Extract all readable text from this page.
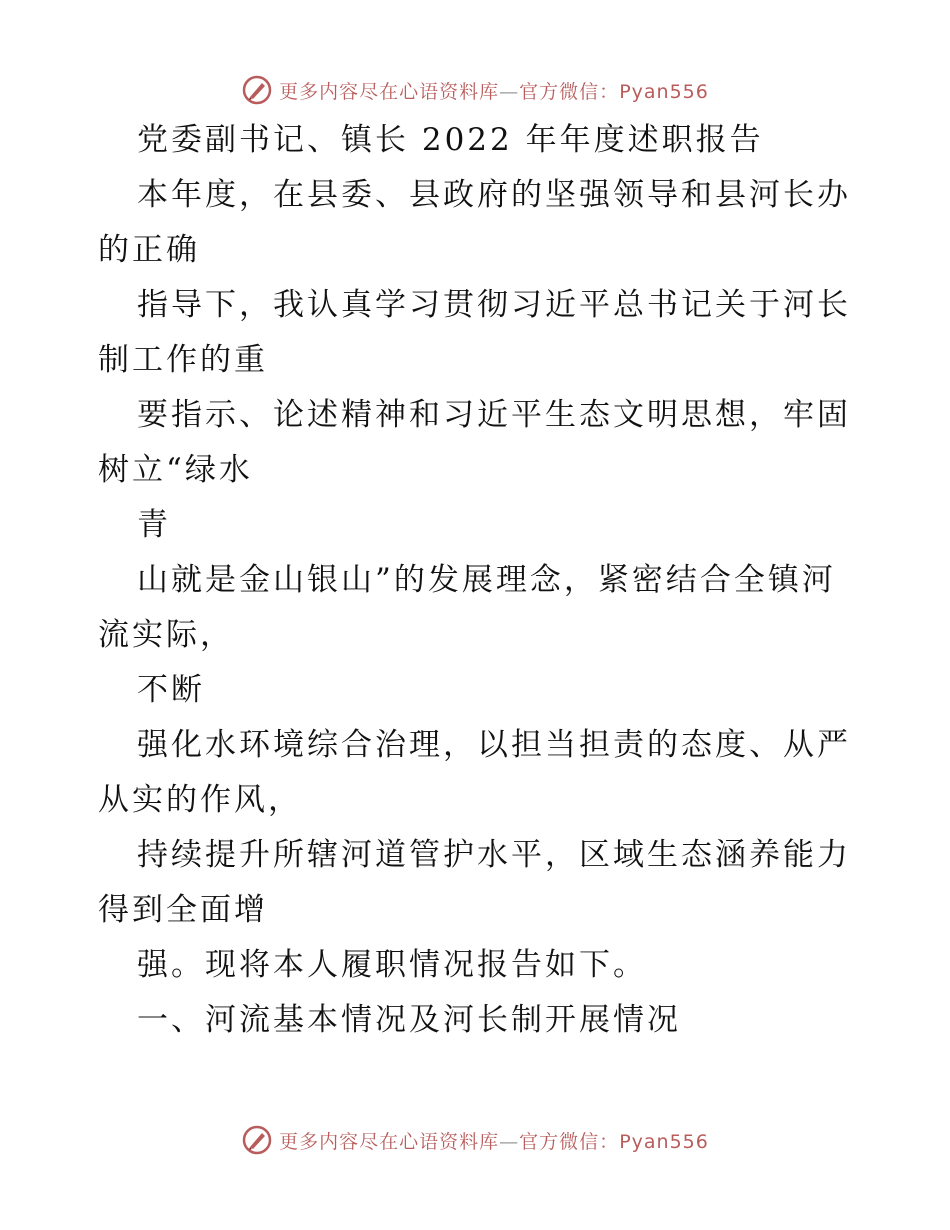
更多内容尽在心语资料库—官方微信：Pyan556
党委副书记、镇长 2022 年年度述职报告
本年度，在县委、县政府的坚强领导和县河长办
的正确
指导下，我认真学习贯彻习近平总书记关于河长
制工作的重
要指示、论述精神和习近平生态文明思想，牢固
树立“绿水
青
山就是金山银山”的发展理念，紧密结合全镇河
流实际，
不断
强化水环境综合治理，以担当担责的态度、从严
从实的作风，
持续提升所辖河道管护水平，区域生态涵养能力
得到全面增
强。现将本人履职情况报告如下。
一、河流基本情况及河长制开展情况
更多内容尽在心语资料库—官方微信：Pyan556
